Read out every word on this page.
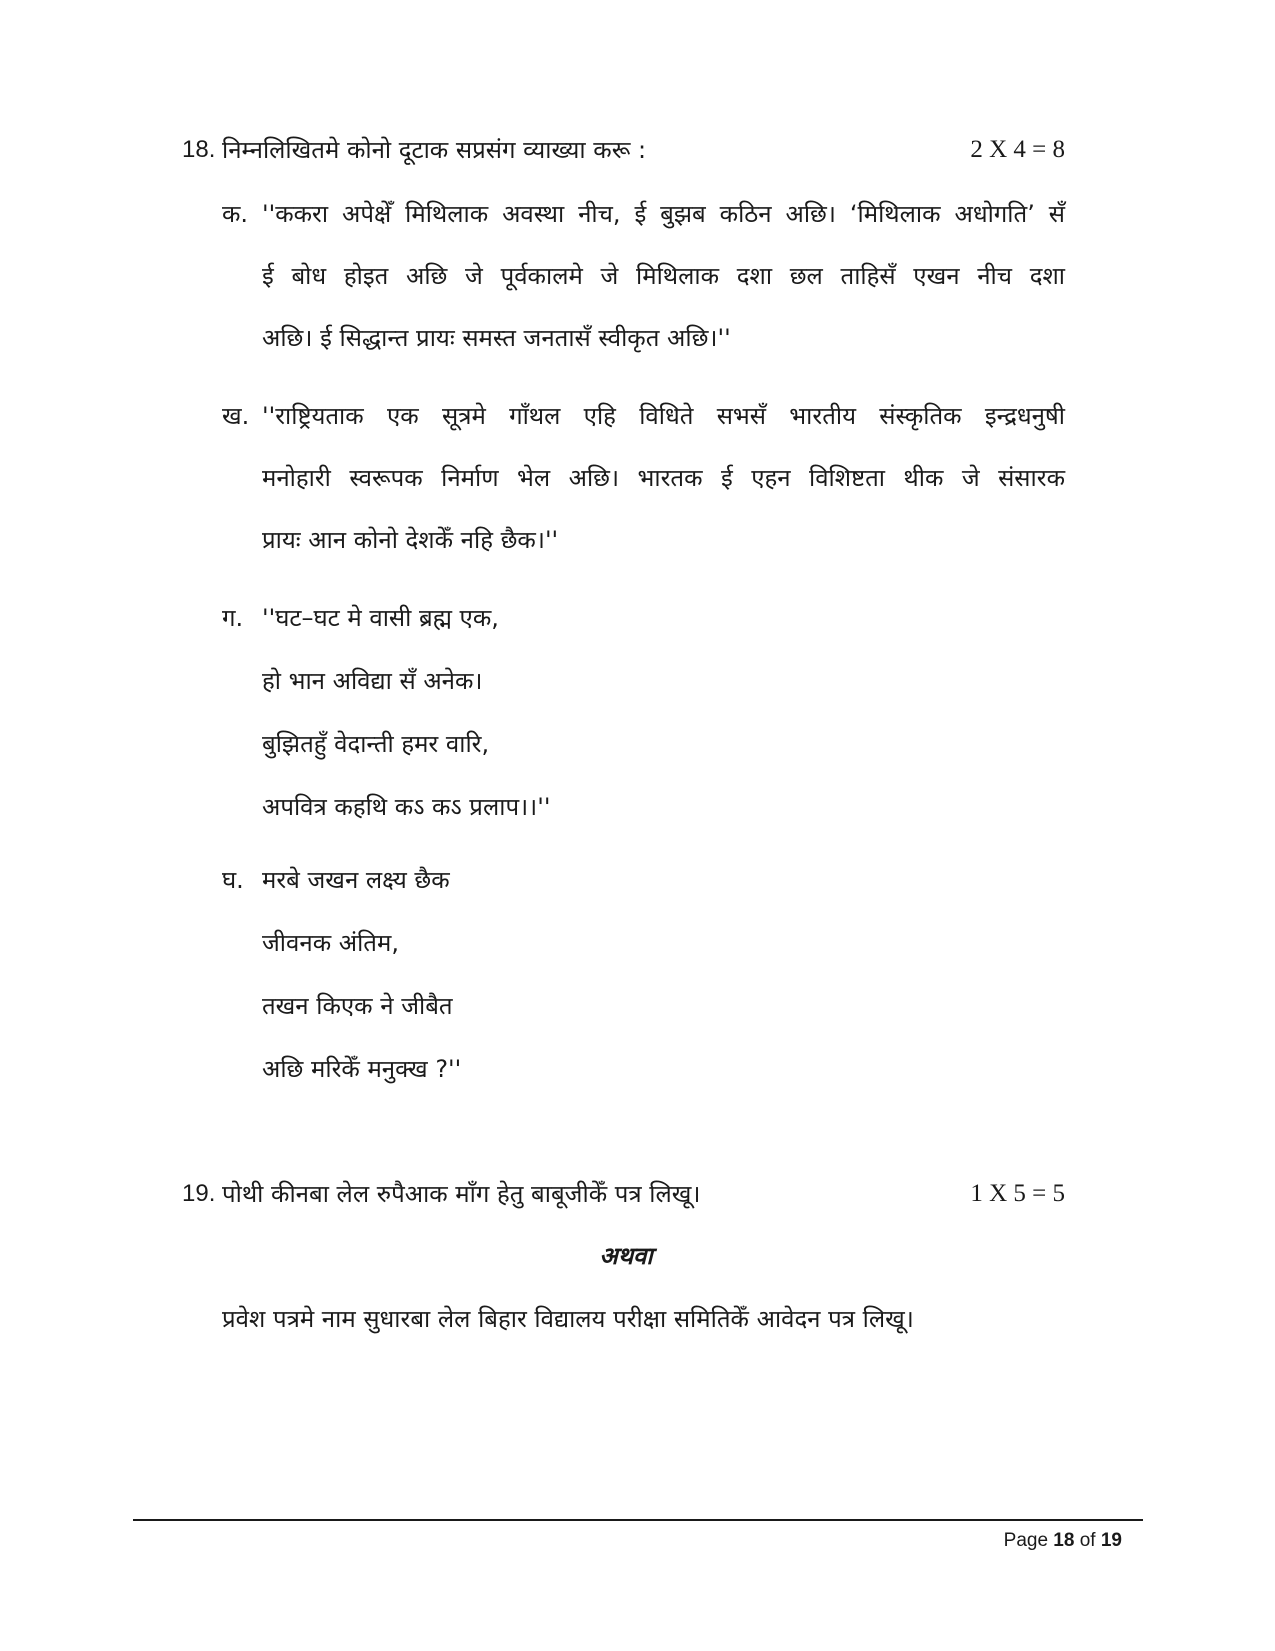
18. निम्नलिखितमे कोनो दूटाक सप्रसंग व्याख्या करू :	2 X 4 = 8
क. ''ककरा अपेक्षेँ मिथिलाक अवस्था नीच, ई बुझब कठिन अछि। ‘मिथिलाक अधोगति’ सँ
ई बोध होइत अछि जे पूर्वकालमे जे मिथिलाक दशा छल ताहिसँ एखन नीच दशा
अछि। ई सिद्धान्त प्रायः समस्त जनतासँ स्वीकृत अछि।''
ख. ''राष्ट्रियताक एक सूत्रमे गाँथल एहि विधिते सभसँ भारतीय संस्कृतिक इन्द्रधनुषी
मनोहारी स्वरूपक निर्माण भेल अछि। भारतक ई एहन विशिष्टता थीक जे संसारक
प्रायः आन कोनो देशकेँ नहि छैक।''
ग. ''घट–घट मे वासी ब्रह्म एक,
हो भान अविद्या सँ अनेक।
बुझितहुँ वेदान्ती हमर वारि,
अपवित्र कहथि कऽ कऽ प्रलाप।।''
घ. मरबे जखन लक्ष्य छैक
जीवनक अंतिम,
तखन किएक ने जीबैत
अछि मरिकेँ मनुक्ख ?''
19. पोथी कीनबा लेल रुपैआक माँग हेतु बाबूजीकेँ पत्र लिखू।	1 X 5 = 5
अथवा
प्रवेश पत्रमे नाम सुधारबा लेल बिहार विद्यालय परीक्षा समितिकेँ आवेदन पत्र लिखू।
Page 18 of 19
